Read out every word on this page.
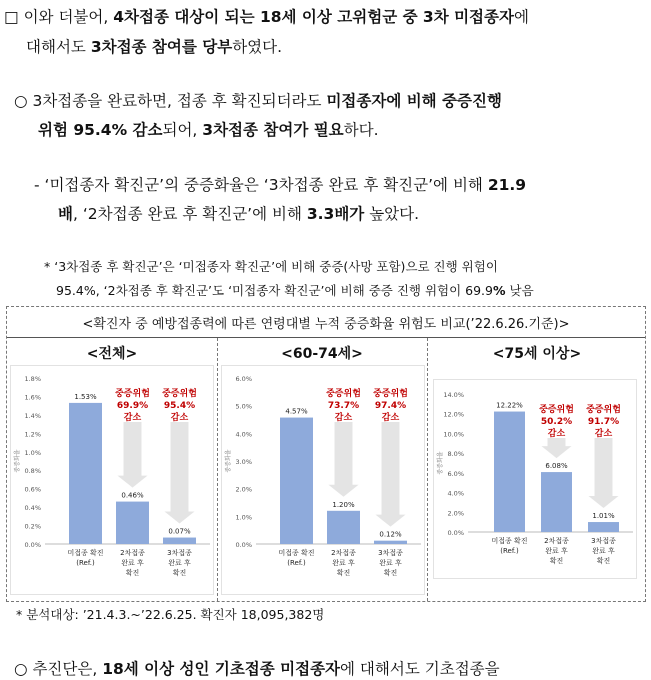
□ 이와 더불어, 4차접종 대상이 되는 18세 이상 고위험군 중 3차 미접종자에
대해서도 3차접종 참여를 당부하였다.
○ 3차접종을 완료하면, 접종 후 확진되더라도 미접종자에 비해 중증진행
위험 95.4% 감소되어, 3차접종 참여가 필요하다.
- ‘미접종자 확진군’의 중증화율은 ‘3차접종 완료 후 확진군’에 비해 21.9
배, ‘2차접종 완료 후 확진군’에 비해 3.3배가 높았다.
* ‘3차접종 후 확진군’은 ‘미접종자 확진군’에 비해 중증(사망 포함)으로 진행 위험이
95.4%, ‘2차접종 후 확진군’도 ‘미접종자 확진군’에 비해 중증 진행 위험이 69.9% 낮음
<확진자 중 예방접종력에 따른 연령대별 누적 중증화율 위험도 비교(’22.6.26.기준)>
<전체>	<60-74세>	<75세 이상>
0.0%
0.2%
0.4%
0.6%
0.8%
1.0%
1.2%
1.4%
1.6%
1.8%
중증화율
1.53%
미접종 확진
(Ref.)
0.46%
2차접종
완료 후
확진
0.07%
3차접종
완료 후
확진
중증위험
69.9%
감소
중증위험
95.4%
감소
0.0%
1.0%
2.0%
3.0%
4.0%
5.0%
6.0%
중증화율
4.57%
미접종 확진
(Ref.)
1.20%
2차접종
완료 후
확진
0.12%
3차접종
완료 후
확진
중증위험
73.7%
감소
중증위험
97.4%
감소
0.0%
2.0%
4.0%
6.0%
8.0%
10.0%
12.0%
14.0%
중증화율
12.22%
미접종 확진
(Ref.)
6.08%
2차접종
완료 후
확진
1.01%
3차접종
완료 후
확진
중증위험
50.2%
감소
중증위험
91.7%
감소
* 분석대상: ’21.4.3.~’22.6.25. 확진자 18,095,382명
○ 추진단은, 18세 이상 성인 기초접종 미접종자에 대해서도 기초접종을
